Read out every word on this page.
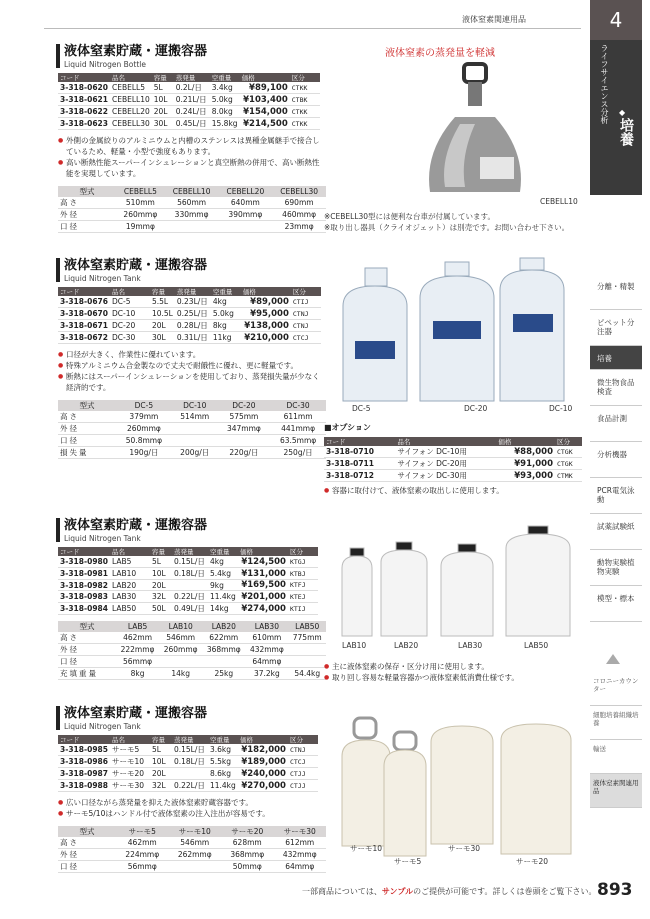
液体窒素関連用品	4
ライフサイエンス分析 ◆
培養
分離・精製
ピペット分注器
培養
微生物食品検査
食品計測
分析機器
PCR電気泳動
試薬試験紙
動物実験植物実験
模型・標本
コロニーカウンター
細胞培養組織培養
輸送
液体窒素関連用品
液体窒素貯蔵・運搬容器
Liquid Nitrogen Bottle
コード	品名	容量	蒸発量	空重量	価格	区分
3-318-0620	CEBELL5	5L	0.2L/日	3.4kg	¥89,100	CTKK
3-318-0621	CEBELL10	10L	0.21L/日	5.0kg	¥103,400	CTBK
3-318-0622	CEBELL20	20L	0.24L/日	8.0kg	¥154,000	CTKK
3-318-0623	CEBELL30	30L	0.45L/日	15.8kg	¥214,500	CTKK
● 外側の金属絞りのアルミニウムと内槽のステンレスは異種金属継手で接合しているため、軽量・小型で強度もあります。
● 高い断熱性能スーパーインシュレーションと真空断熱の併用で、高い断熱性能を実現しています。
型式	CEBELL5	CEBELL10	CEBELL20	CEBELL30
高さ	510mm	560mm	640mm	690mm
外径	260mmφ	330mmφ	390mmφ	460mmφ
口径	19mmφ			23mmφ
液体窒素の蒸発量を軽減
CEBELL10
※CEBELL30型には便利な台車が付属しています。
※取り出し器具（クライオジェット）は別売です。お問い合わせ下さい。
液体窒素貯蔵・運搬容器
Liquid Nitrogen Tank
コード	品名	容量	蒸発量	空重量	価格	区分
3-318-0676	DC-5	5.5L	0.23L/日	4kg	¥89,000	CTIJ
3-318-0670	DC-10	10.5L	0.25L/日	5.0kg	¥95,000	CTNJ
3-318-0671	DC-20	20L	0.28L/日	8kg	¥138,000	CTNJ
3-318-0672	DC-30	30L	0.31L/日	11kg	¥210,000	CTCJ
● 口径が大きく、作業性に優れています。
● 特殊アルミニウム合金製なので丈夫で耐餓性に優れ、更に軽量です。
● 断熱にはスーパーインシュレーションを使用しており、蒸発損失量が少なく経済的です。
型式	DC-5	DC-10	DC-20	DC-30
高さ	379mm	514mm	575mm	611mm
外径	260mmφ		347mmφ	441mmφ
口径	50.8mmφ			63.5mmφ
損失量	190g/日	200g/日	220g/日	250g/日
DC-5	DC-20	DC-10
■オプション
コード	品名	価格	区分
3-318-0710	サイフォン DC-10用	¥88,000	CTGK
3-318-0711	サイフォン DC-20用	¥91,000	CTGK
3-318-0712	サイフォン DC-30用	¥93,000	CTMK
● 容器に取付けて、液体窒素の取出しに使用します。
液体窒素貯蔵・運搬容器
Liquid Nitrogen Tank
コード	品名	容量	蒸発量	空重量	価格	区分
3-318-0980	LAB5	5L	0.15L/日	4kg	¥124,500	KTGJ
3-318-0981	LAB10	10L	0.18L/日	5.4kg	¥131,000	KTBJ
3-318-0982	LAB20	20L		9kg	¥169,500	KTFJ
3-318-0983	LAB30	32L	0.22L/日	11.4kg	¥201,000	KTEJ
3-318-0984	LAB50	50L	0.49L/日	14kg	¥274,000	KTIJ
型式	LAB5	LAB10	LAB20	LAB30	LAB50
高さ	462mm	546mm	622mm	610mm	775mm
外径	222mmφ	260mmφ	368mmφ	432mmφ	
口径	56mmφ			64mmφ	
充填重量	8kg	14kg	25kg	37.2kg	54.4kg
LAB10	LAB20	LAB30	LAB50
● 主に液体窒素の保存・区分け用に使用します。
● 取り回し容易な軽量容器かつ液体窒素低消費仕様です。
液体窒素貯蔵・運搬容器
Liquid Nitrogen Tank
コード	品名	容量	蒸発量	空重量	価格	区分
3-318-0985	サーモ5	5L	0.15L/日	3.6kg	¥182,000	CTNJ
3-318-0986	サーモ10	10L	0.18L/日	5.5kg	¥189,000	CTCJ
3-318-0987	サーモ20	20L		8.6kg	¥240,000	CTJJ
3-318-0988	サーモ30	32L	0.22L/日	11.4kg	¥270,000	CTJJ
● 広い口径ながら蒸発量を抑えた液体窒素貯蔵容器です。
● サーモ5/10はハンドル付で液体窒素の注入注出が容易です。
型式	サーモ5	サーモ10	サーモ20	サーモ30
高さ	462mm	546mm	628mm	612mm
外径	224mmφ	262mmφ	368mmφ	432mmφ
口径	56mmφ		50mmφ	64mmφ
サーモ10
サーモ5
サーモ30
サーモ20
一部商品については、サンプルのご提供が可能です。詳しくは巻頭をご覧下さい。 893
